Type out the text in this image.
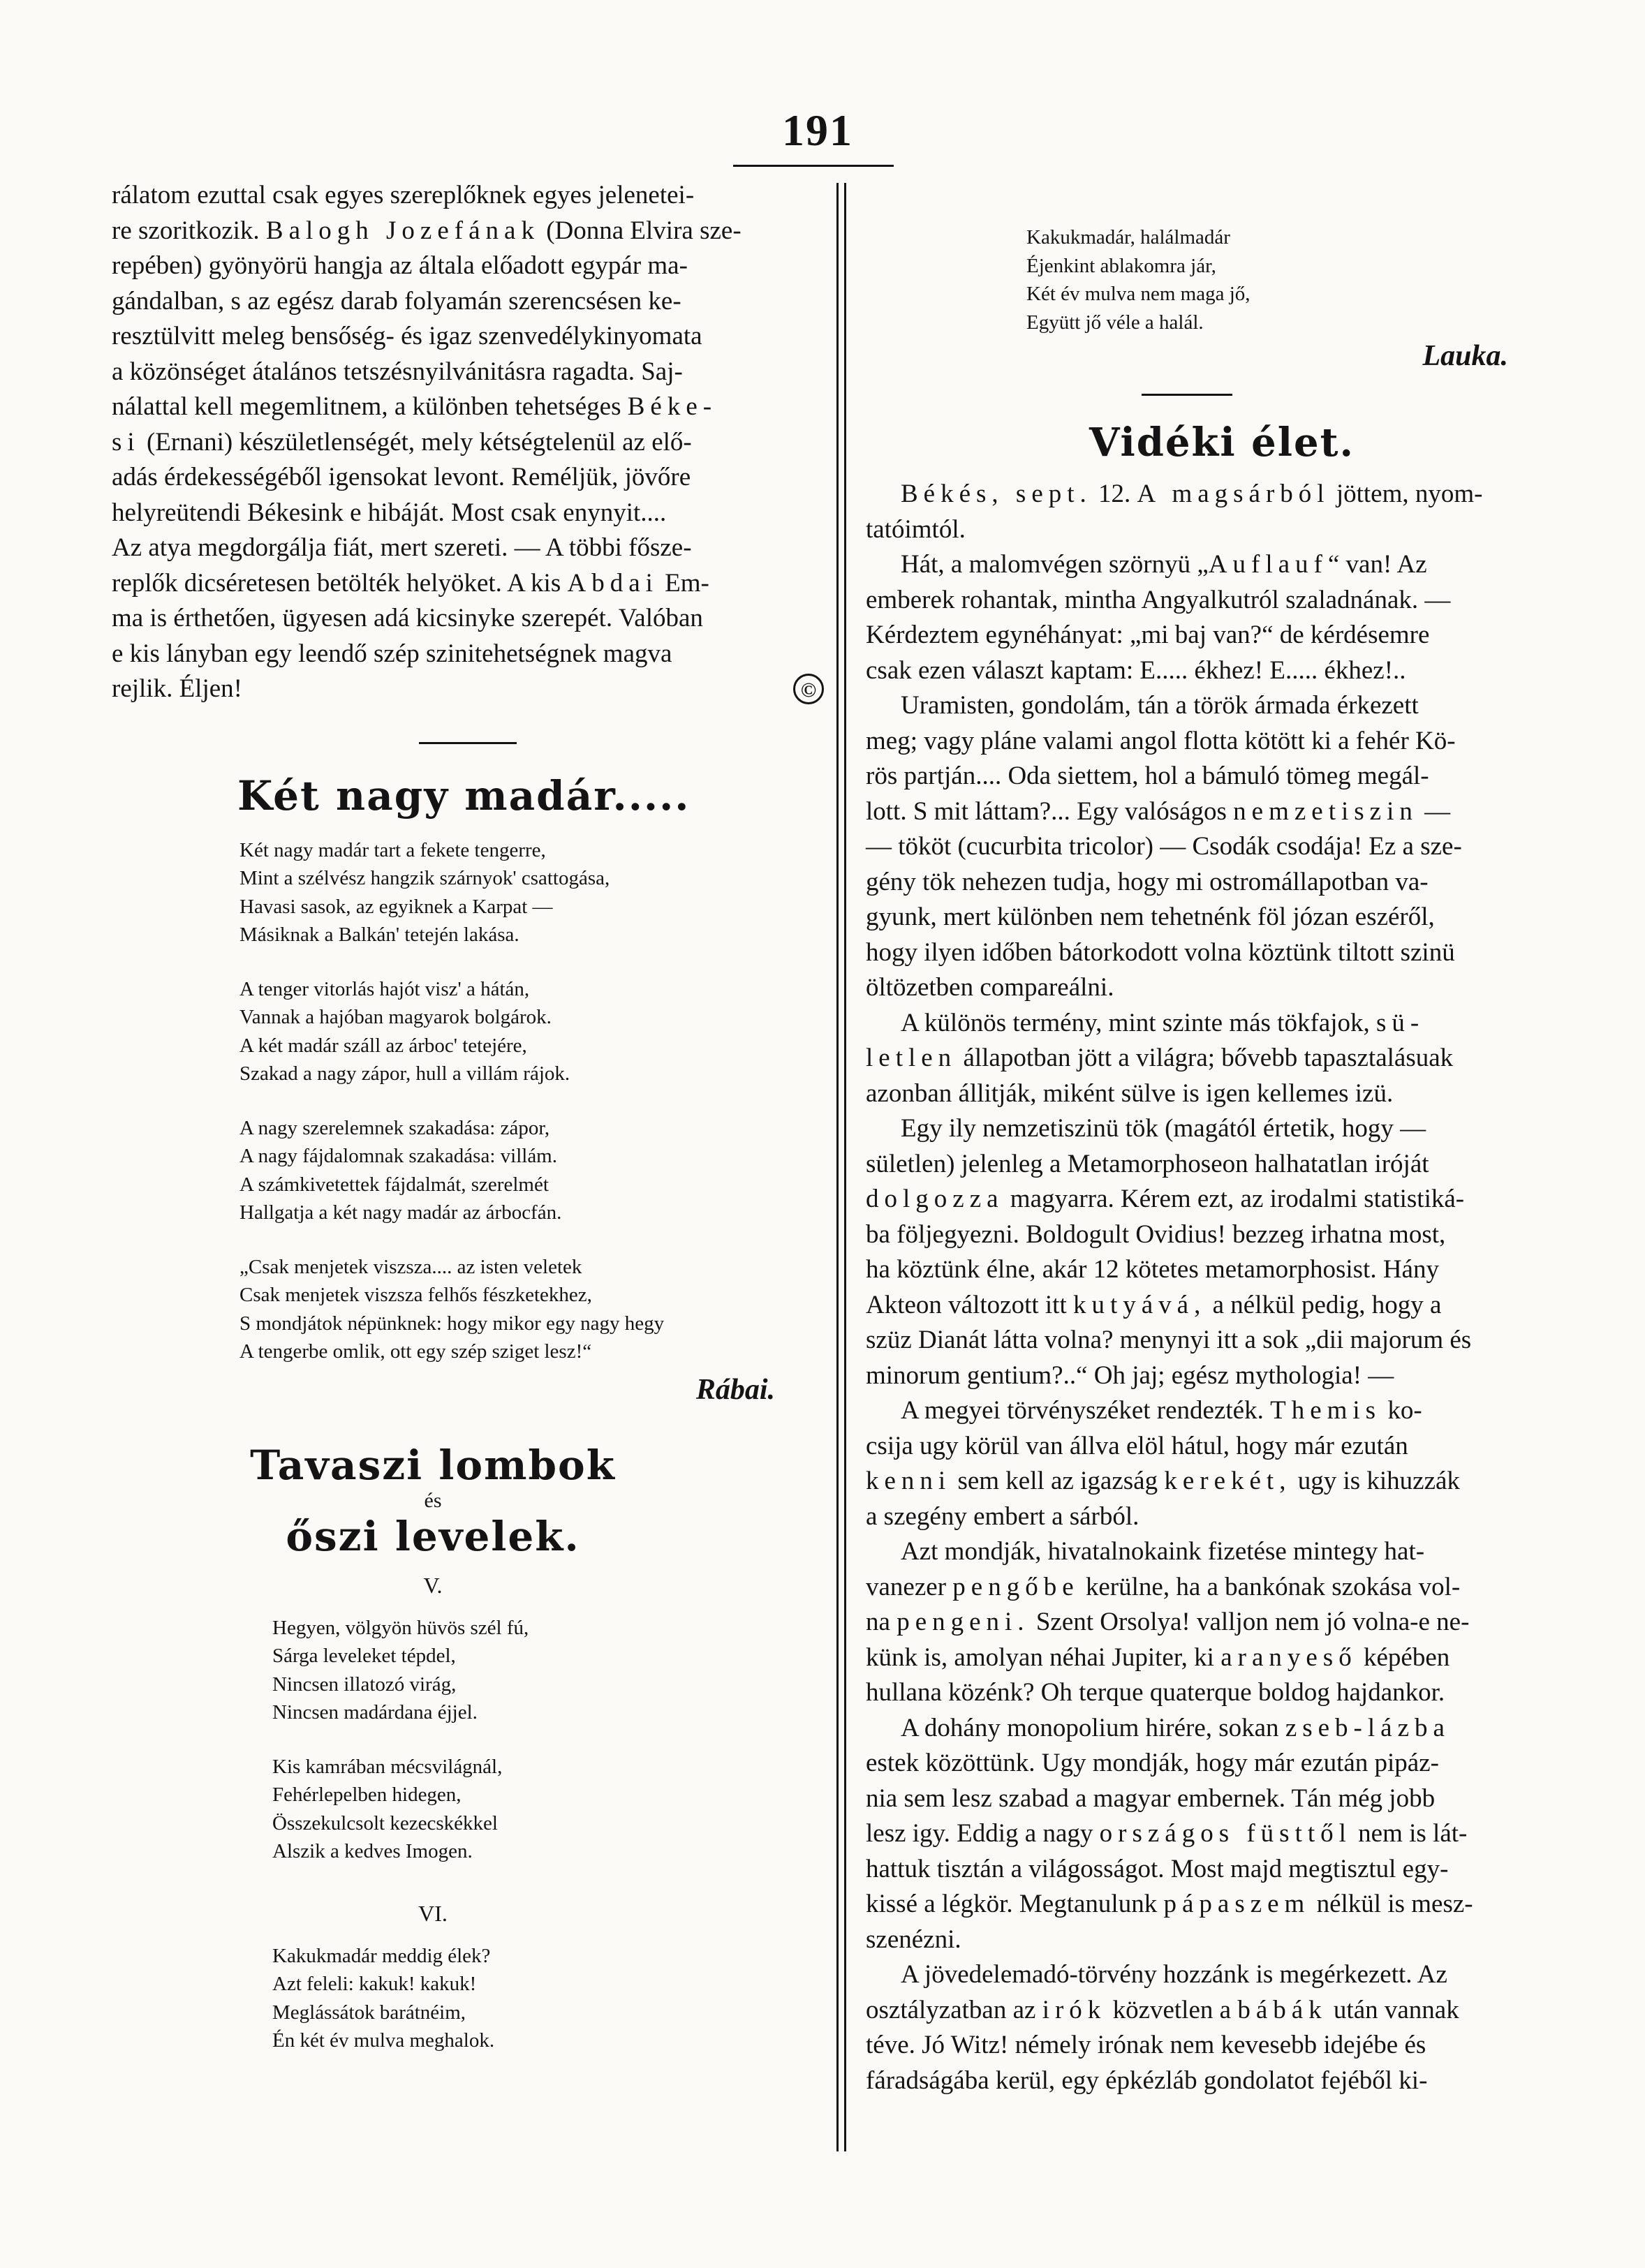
191

rálatom ezuttal csak egyes szereplőknek egyes jelenetei-

re szoritkozik. Balogh Jozefának (Donna Elvira sze-

repében) gyönyörü hangja az általa előadott egypár ma-

gándalban, s az egész darab folyamán szerencsésen ke-

resztülvitt meleg bensőség- és igaz szenvedélykinyomata

a közönséget átalános tetszésnyilvánitásra ragadta. Saj-

nálattal kell megemlitnem, a különben tehetséges Béke-

si (Ernani) készületlenségét, mely kétségtelenül az elő-

adás érdekességéből igensokat levont. Reméljük, jövőre

helyreütendi Békesink e hibáját. Most csak enynyit....

Az atya megdorgálja fiát, mert szereti. — A többi fősze-

replők dicséretesen betölték helyöket. A kis Abdai Em-

ma is érthetően, ügyesen adá kicsinyke szerepét. Valóban

e kis lányban egy leendő szép szinitehetségnek magva

rejlik. Éljen!	©

Két nagy madár.....
Két nagy madár tart a fekete tengerre,
Mint a szélvész hangzik szárnyok' csattogása,
Havasi sasok, az egyiknek a Karpat —
Másiknak a Balkán' tetején lakása.
A tenger vitorlás hajót visz' a hátán,
Vannak a hajóban magyarok bolgárok.
A két madár száll az árboc' tetejére,
Szakad a nagy zápor, hull a villám rájok.
A nagy szerelemnek szakadása: zápor,
A nagy fájdalomnak szakadása: villám.
A számkivetettek fájdalmát, szerelmét
Hallgatja a két nagy madár az árbocfán.
„Csak menjetek viszsza.... az isten veletek
Csak menjetek viszsza felhős fészketekhez,
S mondjátok népünknek: hogy mikor egy nagy hegy
A tengerbe omlik, ott egy szép sziget lesz!“

Rábai.

Tavaszi lombok
és
őszi levelek.
V.
Hegyen, völgyön hüvös szél fú,
Sárga leveleket tépdel,
Nincsen illatozó virág,
Nincsen madárdana éjjel.
Kis kamrában mécsvilágnál,
Fehérlepelben hidegen,
Összekulcsolt kezecskékkel
Alszik a kedves Imogen.
VI.
Kakukmadár meddig élek?
Azt feleli: kakuk! kakuk!
Meglássátok barátnéim,
Én két év mulva meghalok.
Kakukmadár, halálmadár
Éjenkint ablakomra jár,
Két év mulva nem maga jő,
Együtt jő véle a halál.

Lauka.

Vidéki élet.

Békés, sept. 12. A magsárból jöttem, nyom-

tatóimtól.

Hát, a malomvégen szörnyü „Auflauf“ van! Az

emberek rohantak, mintha Angyalkutról szaladnának. —

Kérdeztem egynéhányat: „mi baj van?“ de kérdésemre

csak ezen választ kaptam: E..... ékhez! E..... ékhez!..

Uramisten, gondolám, tán a török ármada érkezett

meg; vagy pláne valami angol flotta kötött ki a fehér Kö-

rös partján.... Oda siettem, hol a bámuló tömeg megál-

lott. S mit láttam?... Egy valóságos nemzetiszin —

— tököt (cucurbita tricolor) — Csodák csodája! Ez a sze-

gény tök nehezen tudja, hogy mi ostromállapotban va-

gyunk, mert különben nem tehetnénk föl józan eszéről,

hogy ilyen időben bátorkodott volna köztünk tiltott szinü

öltözetben compareálni.

A különös termény, mint szinte más tökfajok, sü-

letlen állapotban jött a világra; bővebb tapasztalásuak

azonban állitják, miként sülve is igen kellemes izü.

Egy ily nemzetiszinü tök (magától értetik, hogy —

sületlen) jelenleg a Metamorphoseon halhatatlan iróját

dolgozza magyarra. Kérem ezt, az irodalmi statistiká-

ba följegyezni. Boldogult Ovidius! bezzeg irhatna most,

ha köztünk élne, akár 12 kötetes metamorphosist. Hány

Akteon változott itt kutyává, a nélkül pedig, hogy a

szüz Dianát látta volna? menynyi itt a sok „dii majorum és

minorum gentium?..“ Oh jaj; egész mythologia! —

A megyei törvényszéket rendezték. Themis ko-

csija ugy körül van állva elöl hátul, hogy már ezután

kenni sem kell az igazság kerekét, ugy is kihuzzák

a szegény embert a sárból.

Azt mondják, hivatalnokaink fizetése mintegy hat-

vanezer pengőbe kerülne, ha a bankónak szokása vol-

na pengeni. Szent Orsolya! valljon nem jó volna-e ne-

künk is, amolyan néhai Jupiter, ki aranyeső képében

hullana közénk? Oh terque quaterque boldog hajdankor.

A dohány monopolium hirére, sokan zseb-lázba

estek közöttünk. Ugy mondják, hogy már ezután pipáz-

nia sem lesz szabad a magyar embernek. Tán még jobb

lesz igy. Eddig a nagy országos füsttől nem is lát-

hattuk tisztán a világosságot. Most majd megtisztul egy-

kissé a légkör. Megtanulunk pápaszem nélkül is mesz-

szenézni.

A jövedelemadó-törvény hozzánk is megérkezett. Az

osztályzatban az irók közvetlen a bábák után vannak

téve. Jó Witz! némely irónak nem kevesebb idejébe és

fáradságába kerül, egy épkézláb gondolatot fejéből ki-
